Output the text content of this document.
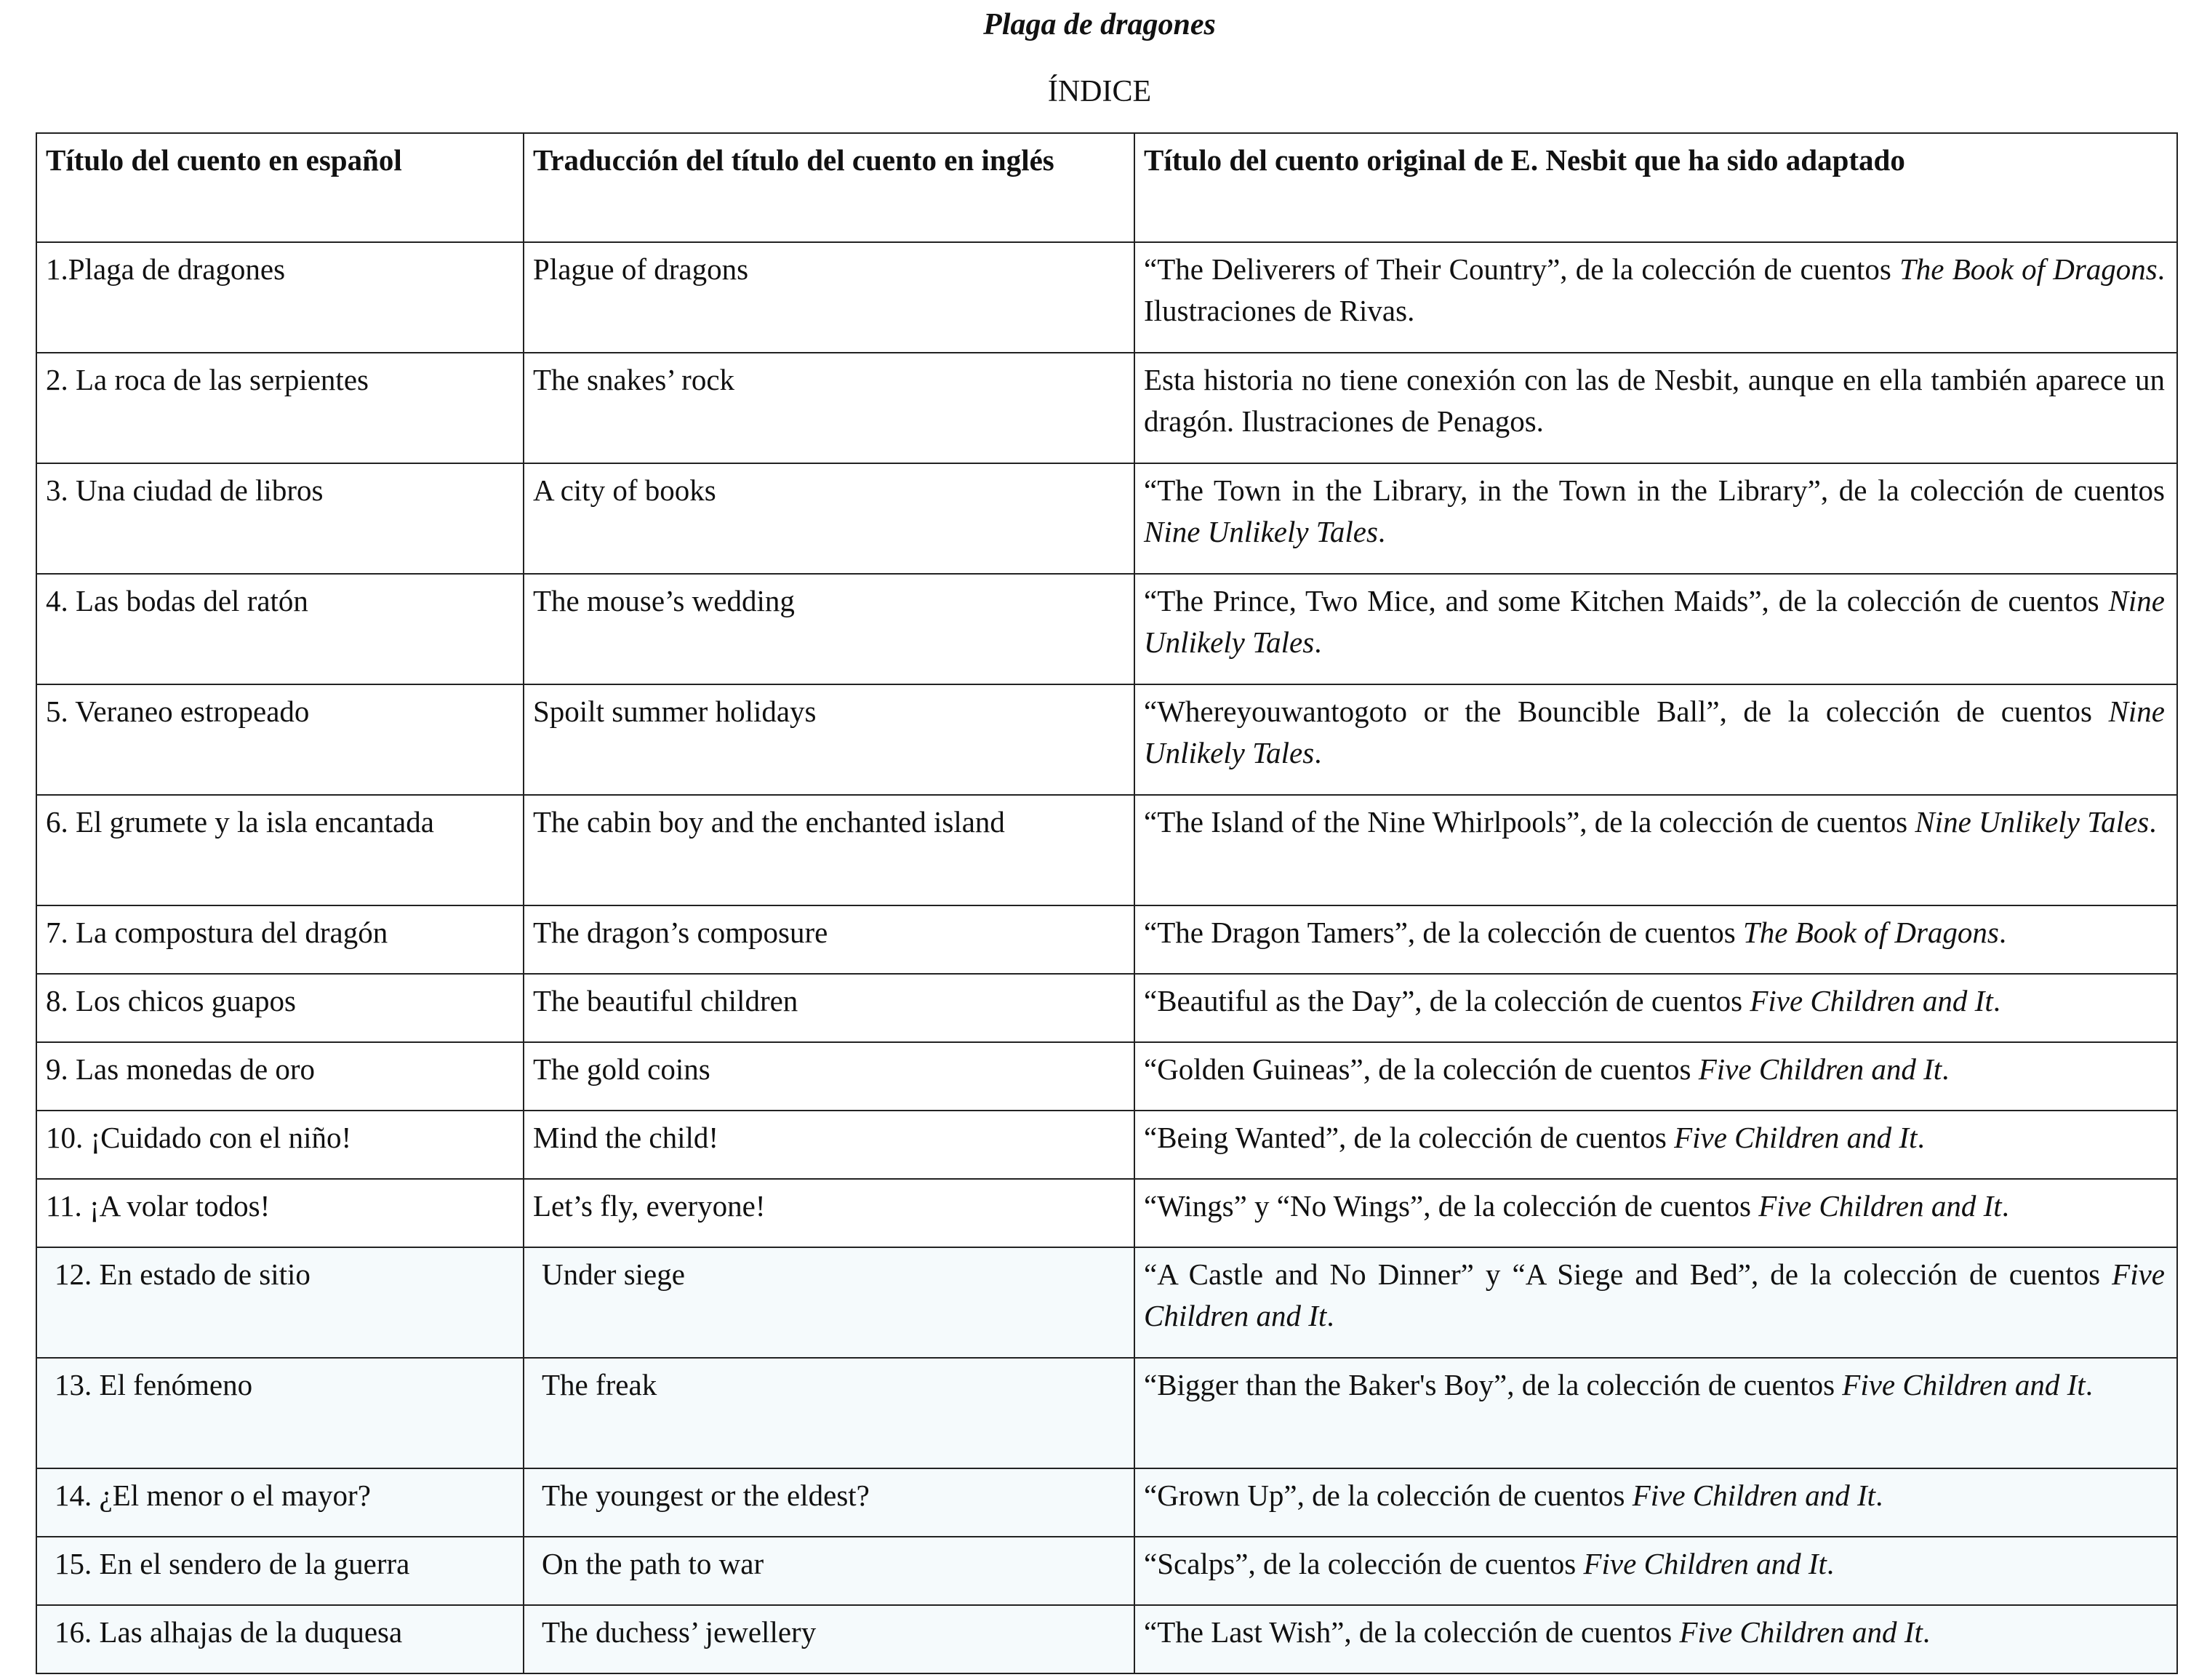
Plaga de dragones
ÍNDICE
Título del cuento en español	Traducción del título del cuento en inglés	Título del cuento original de E. Nesbit que ha sido adaptado
1.Plaga de dragones	Plague of dragons	“The Deliverers of Their Country”, de la colección de cuentos The Book of Dragons. Ilustraciones de Rivas.
2. La roca de las serpientes	The snakes’ rock	Esta historia no tiene conexión con las de Nesbit, aunque en ella también aparece un dragón. Ilustraciones de Penagos.
3. Una ciudad de libros	A city of books	“The Town in the Library, in the Town in the Library”, de la colección de cuentos Nine Unlikely Tales.
4. Las bodas del ratón	The mouse’s wedding	“The Prince, Two Mice, and some Kitchen Maids”, de la colección de cuentos Nine Unlikely Tales.
5. Veraneo estropeado	Spoilt summer holidays	“Whereyouwantogoto or the Bouncible Ball”, de la colección de cuentos Nine Unlikely Tales.
6. El grumete y la isla encantada	The cabin boy and the enchanted island	“The Island of the Nine Whirlpools”, de la colección de cuentos Nine Unlikely Tales.
7. La compostura del dragón	The dragon’s composure	“The Dragon Tamers”, de la colección de cuentos The Book of Dragons.
8. Los chicos guapos	The beautiful children	“Beautiful as the Day”, de la colección de cuentos Five Children and It.
9. Las monedas de oro	The gold coins	“Golden Guineas”, de la colección de cuentos Five Children and It.
10. ¡Cuidado con el niño!	Mind the child!	“Being Wanted”, de la colección de cuentos Five Children and It.
11. ¡A volar todos!	Let’s fly, everyone!	“Wings” y “No Wings”, de la colección de cuentos Five Children and It.
12. En estado de sitio	Under siege	“A Castle and No Dinner” y “A Siege and Bed”, de la colección de cuentos Five Children and It.
13. El fenómeno	The freak	“Bigger than the Baker's Boy”, de la colección de cuentos Five Children and It.
14. ¿El menor o el mayor?	The youngest or the eldest?	“Grown Up”, de la colección de cuentos Five Children and It.
15. En el sendero de la guerra	On the path to war	“Scalps”, de la colección de cuentos Five Children and It.
16. Las alhajas de la duquesa	The duchess’ jewellery	“The Last Wish”, de la colección de cuentos Five Children and It.
